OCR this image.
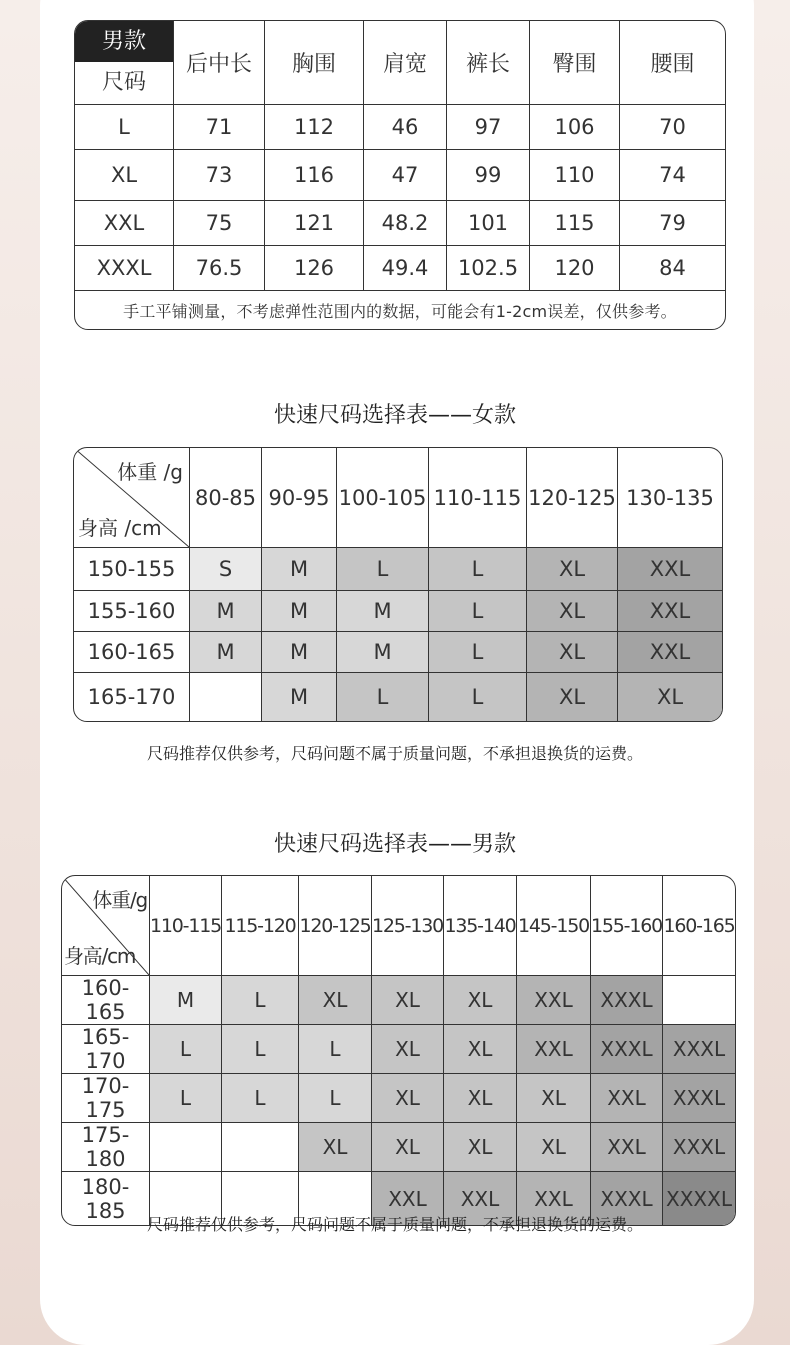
男款
尺码	后中长	胸围	肩宽	裤长	臀围	腰围
L	71	112	46	97	106	70
XL	73	116	47	99	110	74
XXL	75	121	48.2	101	115	79
XXXL	76.5	126	49.4	102.5	120	84
手工平铺测量，不考虑弹性范围内的数据，可能会有1-2cm误差，仅供参考。						
快速尺码选择表——女款
体重 /g
身高 /cm	80-85	90-95	100-105	110-115	120-125	130-135
150-155	S	M	L	L	XL	XXL
155-160	M	M	M	L	XL	XXL
160-165	M	M	M	L	XL	XXL
165-170		M	L	L	XL	XL
尺码推荐仅供参考，尺码问题不属于质量问题，不承担退换货的运费。
快速尺码选择表——男款
体重/g
身高/cm	110-115	115-120	120-125	125-130	135-140	145-150	155-160	160-165
160-165	M	L	XL	XL	XL	XXL	XXXL	
165-170	L	L	L	XL	XL	XXL	XXXL	XXXL
170-175	L	L	L	XL	XL	XL	XXL	XXXL
175-180			XL	XL	XL	XL	XXL	XXXL
180-185				XXL	XXL	XXL	XXXL	XXXXL
尺码推荐仅供参考，尺码问题不属于质量问题，不承担退换货的运费。
